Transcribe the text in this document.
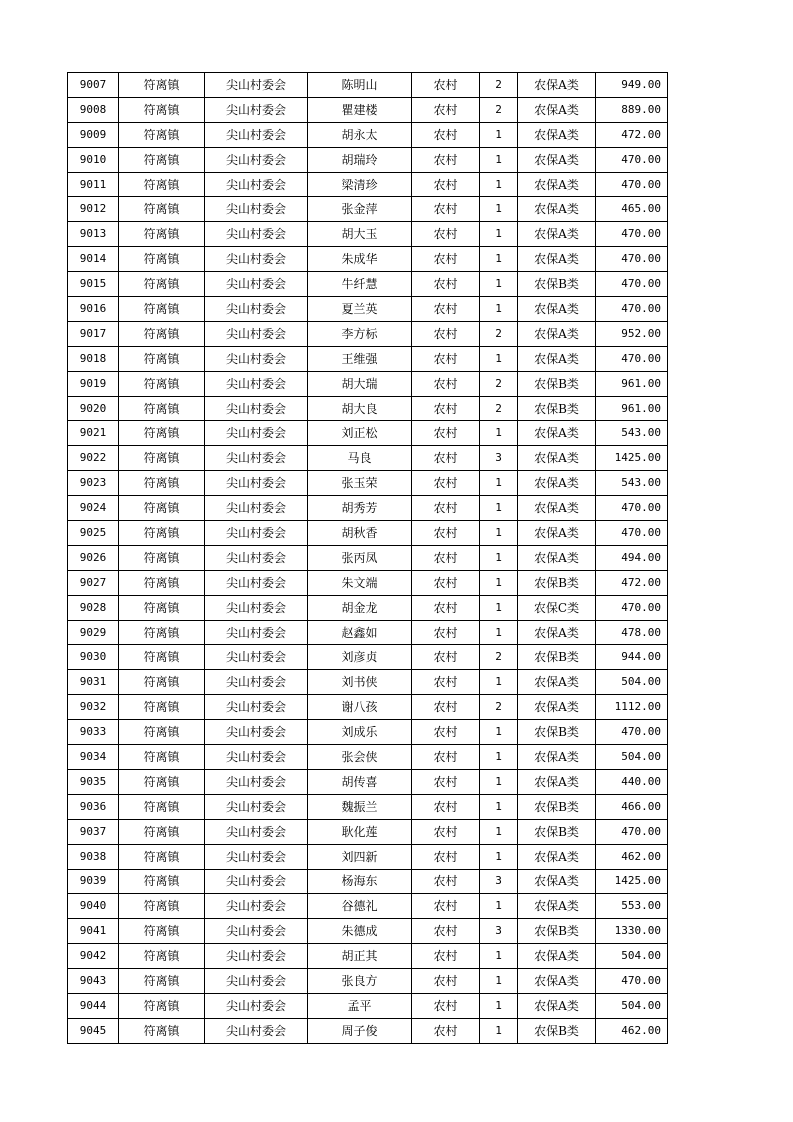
9007	符离镇	尖山村委会	陈明山	农村	2	农保A类	949.00
9008	符离镇	尖山村委会	瞿建楼	农村	2	农保A类	889.00
9009	符离镇	尖山村委会	胡永太	农村	1	农保A类	472.00
9010	符离镇	尖山村委会	胡瑞玲	农村	1	农保A类	470.00
9011	符离镇	尖山村委会	梁清珍	农村	1	农保A类	470.00
9012	符离镇	尖山村委会	张金萍	农村	1	农保A类	465.00
9013	符离镇	尖山村委会	胡大玉	农村	1	农保A类	470.00
9014	符离镇	尖山村委会	朱成华	农村	1	农保A类	470.00
9015	符离镇	尖山村委会	牛纤慧	农村	1	农保B类	470.00
9016	符离镇	尖山村委会	夏兰英	农村	1	农保A类	470.00
9017	符离镇	尖山村委会	李方标	农村	2	农保A类	952.00
9018	符离镇	尖山村委会	王维强	农村	1	农保A类	470.00
9019	符离镇	尖山村委会	胡大瑞	农村	2	农保B类	961.00
9020	符离镇	尖山村委会	胡大良	农村	2	农保B类	961.00
9021	符离镇	尖山村委会	刘正松	农村	1	农保A类	543.00
9022	符离镇	尖山村委会	马良	农村	3	农保A类	1425.00
9023	符离镇	尖山村委会	张玉荣	农村	1	农保A类	543.00
9024	符离镇	尖山村委会	胡秀芳	农村	1	农保A类	470.00
9025	符离镇	尖山村委会	胡秋香	农村	1	农保A类	470.00
9026	符离镇	尖山村委会	张丙凤	农村	1	农保A类	494.00
9027	符离镇	尖山村委会	朱文端	农村	1	农保B类	472.00
9028	符离镇	尖山村委会	胡金龙	农村	1	农保C类	470.00
9029	符离镇	尖山村委会	赵鑫如	农村	1	农保A类	478.00
9030	符离镇	尖山村委会	刘彦贞	农村	2	农保B类	944.00
9031	符离镇	尖山村委会	刘书侠	农村	1	农保A类	504.00
9032	符离镇	尖山村委会	谢八孩	农村	2	农保A类	1112.00
9033	符离镇	尖山村委会	刘成乐	农村	1	农保B类	470.00
9034	符离镇	尖山村委会	张会侠	农村	1	农保A类	504.00
9035	符离镇	尖山村委会	胡传喜	农村	1	农保A类	440.00
9036	符离镇	尖山村委会	魏振兰	农村	1	农保B类	466.00
9037	符离镇	尖山村委会	耿化莲	农村	1	农保B类	470.00
9038	符离镇	尖山村委会	刘四新	农村	1	农保A类	462.00
9039	符离镇	尖山村委会	杨海东	农村	3	农保A类	1425.00
9040	符离镇	尖山村委会	谷德礼	农村	1	农保A类	553.00
9041	符离镇	尖山村委会	朱德成	农村	3	农保B类	1330.00
9042	符离镇	尖山村委会	胡正其	农村	1	农保A类	504.00
9043	符离镇	尖山村委会	张良方	农村	1	农保A类	470.00
9044	符离镇	尖山村委会	孟平	农村	1	农保A类	504.00
9045	符离镇	尖山村委会	周子俊	农村	1	农保B类	462.00
